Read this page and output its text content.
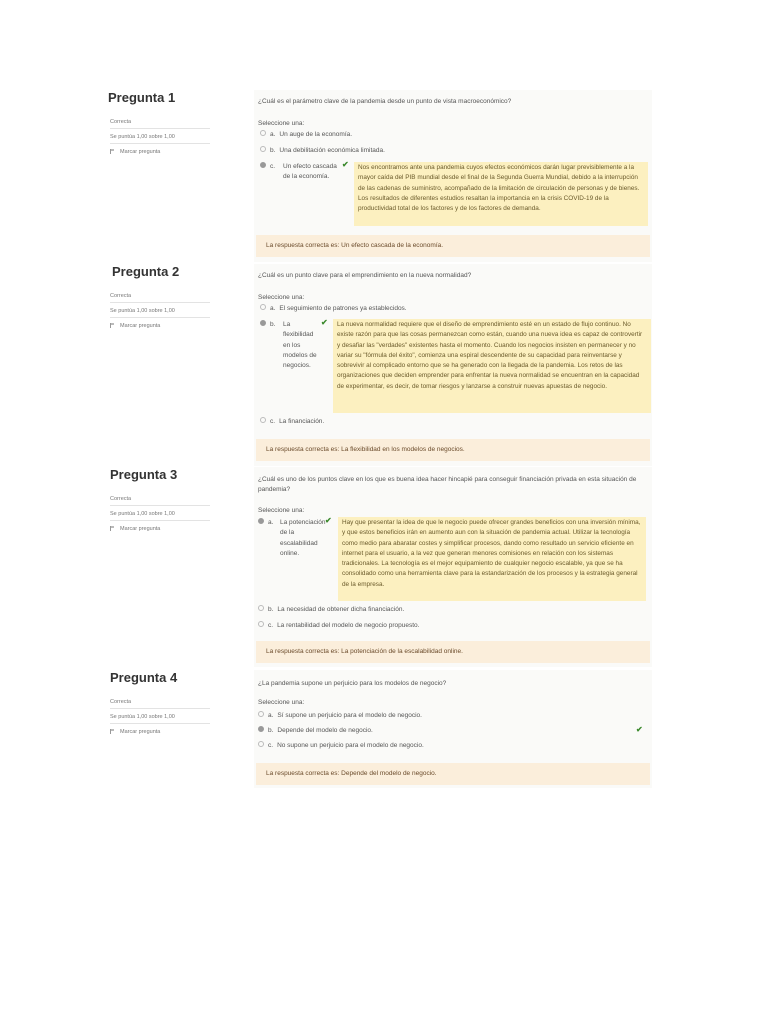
Pregunta 1
Correcta
Se puntúa 1,00 sobre 1,00
Marcar pregunta
¿Cuál es el parámetro clave de la pandemia desde un punto de vista macroeconómico?
Seleccione una:
a. Un auge de la economía.
b. Una debilitación económica limitada.
c.	Un efecto cascada de la economía.
✔	Nos encontramos ante una pandemia cuyos efectos económicos darán lugar previsiblemente a la mayor caída del PIB mundial desde el final de la Segunda Guerra Mundial, debido a la interrupción de las cadenas de suministro, acompañado de la limitación de circulación de personas y de bienes. Los resultados de diferentes estudios resaltan la importancia en la crisis COVID-19 de la productividad total de los factores y de los factores de demanda.
La respuesta correcta es: Un efecto cascada de la economía.
Pregunta 2
Correcta
Se puntúa 1,00 sobre 1,00
Marcar pregunta
¿Cuál es un punto clave para el emprendimiento en la nueva normalidad?
Seleccione una:
a. El seguimiento de patrones ya establecidos.
b.	La flexibilidad en los modelos de negocios.
✔	La nueva normalidad requiere que el diseño de emprendimiento esté en un estado de flujo continuo. No existe razón para que las cosas permanezcan como están, cuando una nueva idea es capaz de controvertir y desafiar las "verdades" existentes hasta el momento. Cuando los negocios insisten en permanecer y no variar su "fórmula del éxito", comienza una espiral descendente de su capacidad para reinventarse y sobrevivir al complicado entorno que se ha generado con la llegada de la pandemia. Los retos de las organizaciones que deciden emprender para enfrentar la nueva normalidad se encuentran en la capacidad de experimentar, es decir, de tomar riesgos y lanzarse a construir nuevas apuestas de negocio.
c. La financiación.
La respuesta correcta es: La flexibilidad en los modelos de negocios.
Pregunta 3
Correcta
Se puntúa 1,00 sobre 1,00
Marcar pregunta
¿Cuál es uno de los puntos clave en los que es buena idea hacer hincapié para conseguir financiación privada en esta situación de pandemia?
Seleccione una:
a.	La potenciación de la escalabilidad online.
✔	Hay que presentar la idea de que le negocio puede ofrecer grandes beneficios con una inversión mínima, y que estos beneficios irán en aumento aun con la situación de pandemia actual. Utilizar la tecnología como medio para abaratar costes y simplificar procesos, dando como resultado un servicio eficiente en internet para el usuario, a la vez que generan menores comisiones en relación con los sistemas tradicionales. La tecnología es el mejor equipamiento de cualquier negocio escalable, ya que se ha consolidado como una herramienta clave para la estandarización de los procesos y la estrategia general de la empresa.
b. La necesidad de obtener dicha financiación.
c. La rentabilidad del modelo de negocio propuesto.
La respuesta correcta es: La potenciación de la escalabilidad online.
Pregunta 4
Correcta
Se puntúa 1,00 sobre 1,00
Marcar pregunta
¿La pandemia supone un perjuicio para los modelos de negocio?
Seleccione una:
a. Sí supone un perjuicio para el modelo de negocio.
b. Depende del modelo de negocio.	✔
c. No supone un perjuicio para el modelo de negocio.
La respuesta correcta es: Depende del modelo de negocio.
